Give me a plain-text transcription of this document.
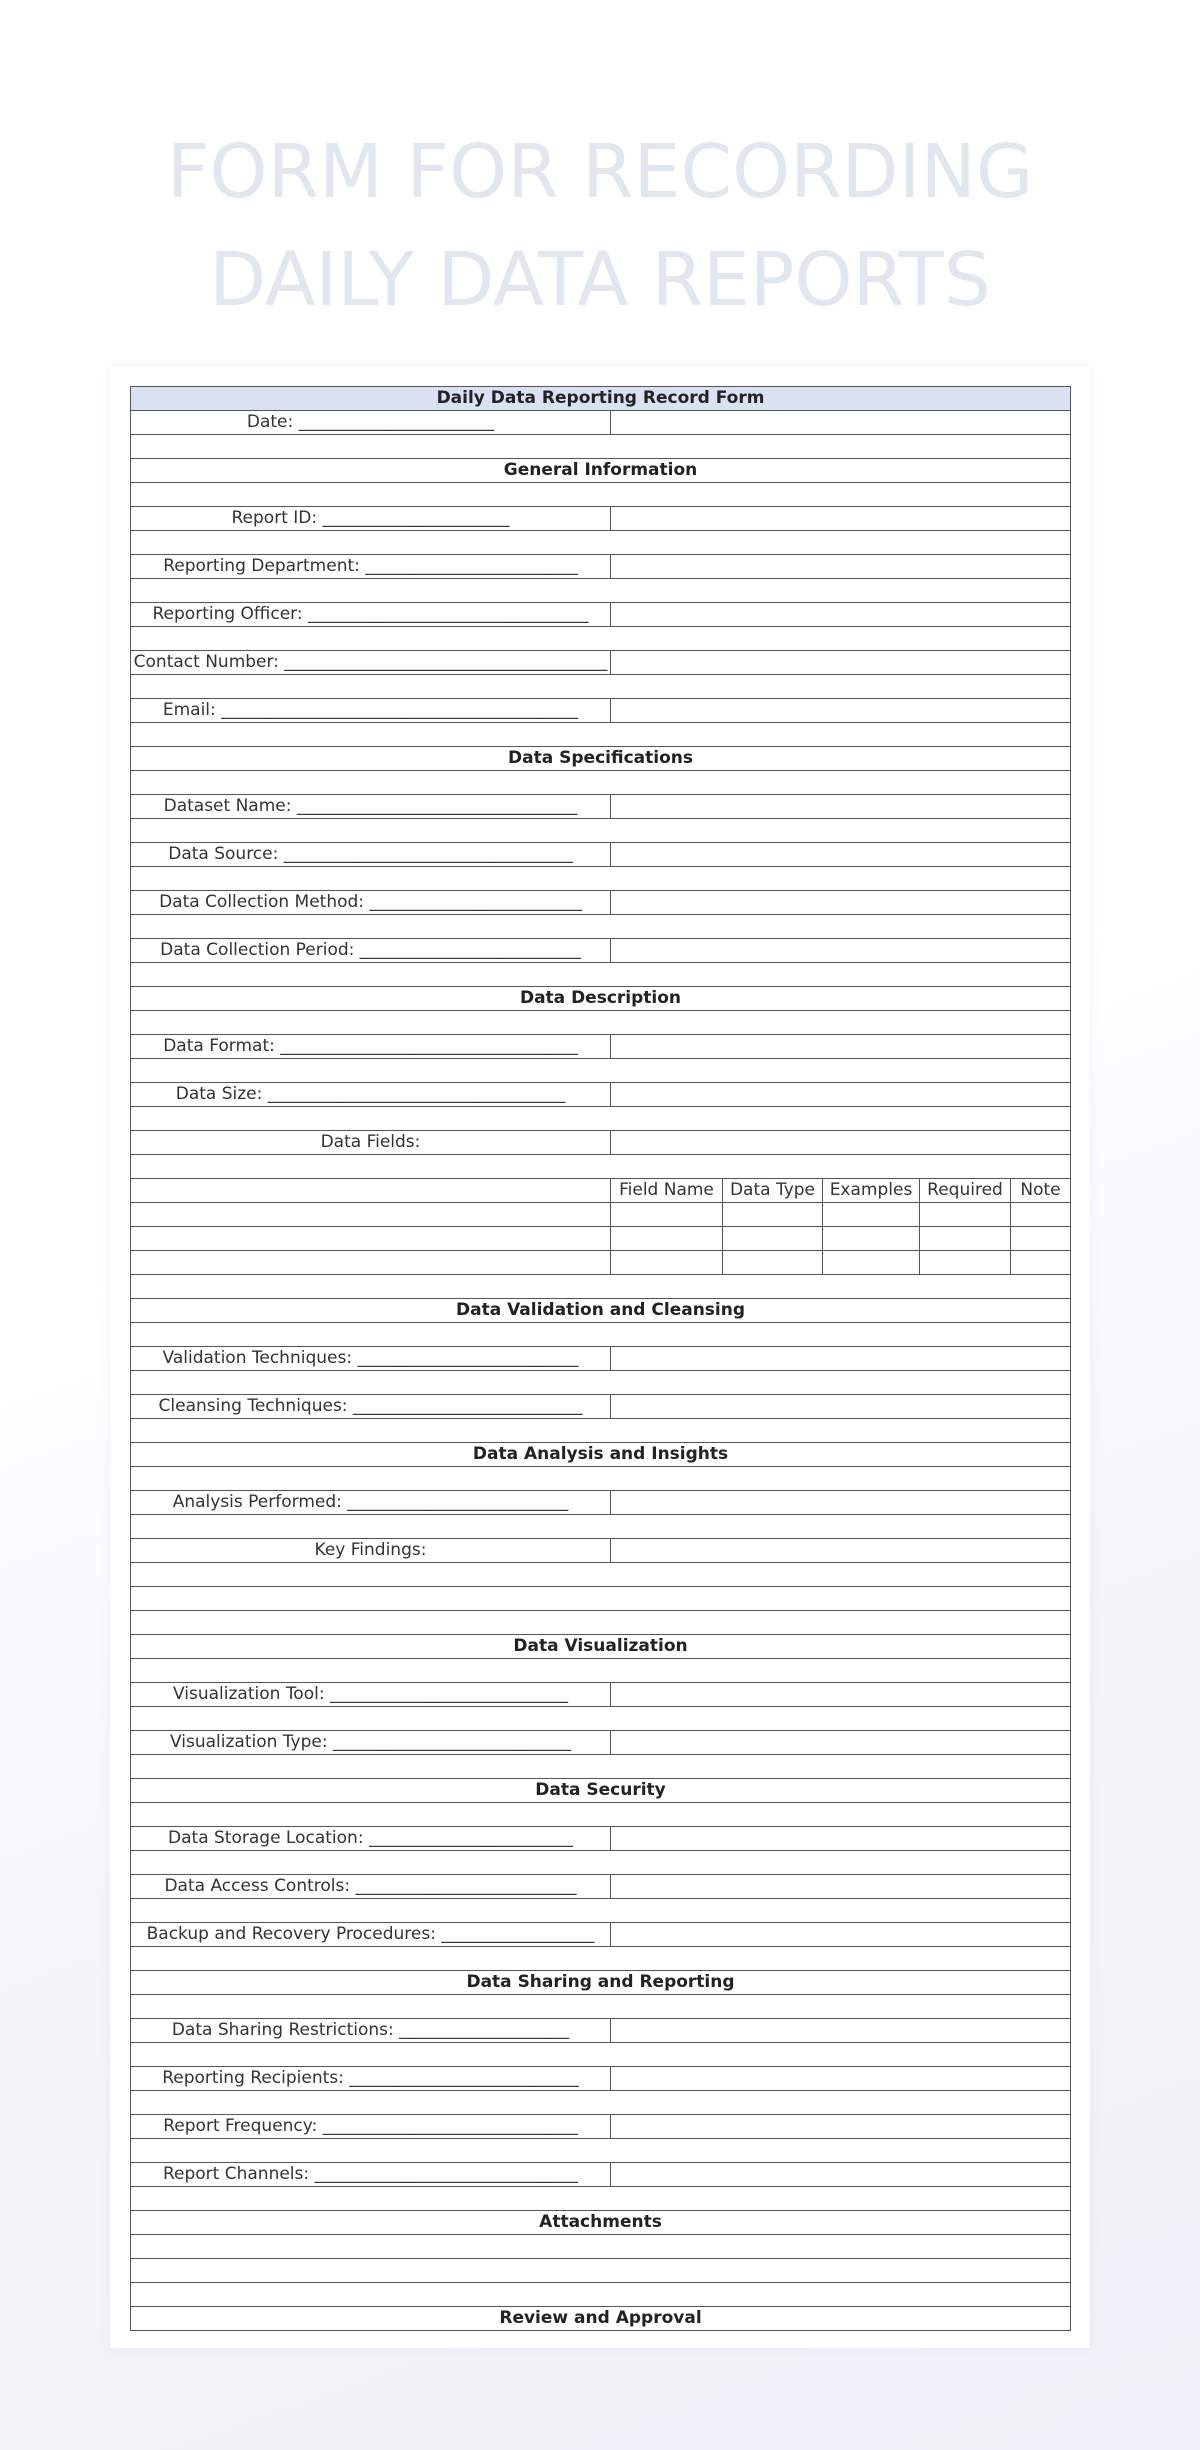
FORM FOR RECORDING
DAILY DATA REPORTS
Daily Data Reporting Record Form					
Date: _______________________					

General Information					

Report ID: ______________________					

Reporting Department: _________________________					

Reporting Officer: _________________________________					

Contact Number: ______________________________________					

Email: __________________________________________					

Data Specifications					

Dataset Name: _________________________________					

Data Source: __________________________________					

Data Collection Method: _________________________					

Data Collection Period: __________________________					

Data Description					

Data Format: ___________________________________					

Data Size: ___________________________________					

Data Fields:					

	Field Name	Data Type	Examples	Required	Note

Data Validation and Cleansing					

Validation Techniques: __________________________					

Cleansing Techniques: ___________________________					

Data Analysis and Insights					

Analysis Performed: __________________________					

Key Findings:					

Data Visualization					

Visualization Tool: ____________________________					

Visualization Type: ____________________________					

Data Security					

Data Storage Location: ________________________					

Data Access Controls: __________________________					

Backup and Recovery Procedures: __________________					

Data Sharing and Reporting					

Data Sharing Restrictions: ____________________					

Reporting Recipients: ___________________________					

Report Frequency: ______________________________					

Report Channels: _______________________________					

Attachments					

Review and Approval					
